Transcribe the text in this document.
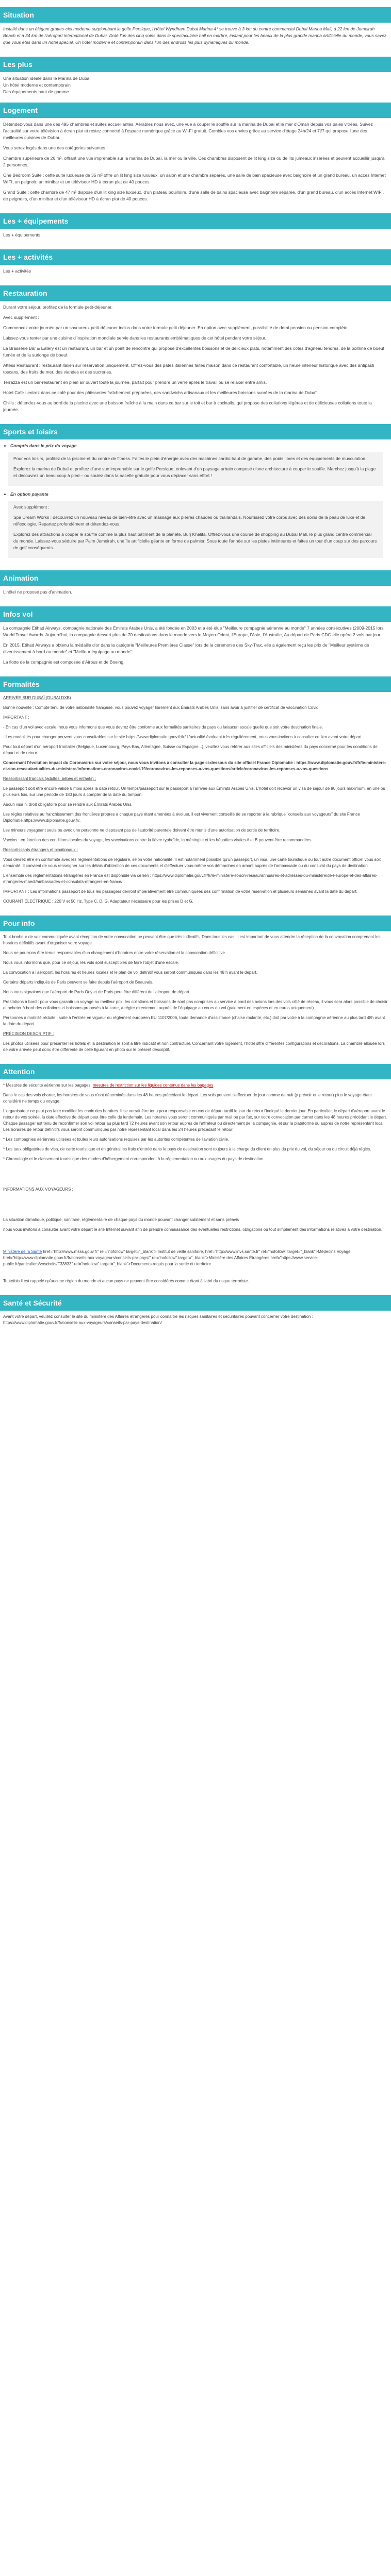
Situation

Installé dans un élégant grattes-ciel moderne surplombant le golfe Persique, l'Hôtel Wyndham Dubai Marina 4* se trouve à 3 km du centre commercial Dubai Marina Mall, à 22 km de Jumeirah Beach et à 34 km de l'aéroport international de Dubaï. Doté l'un des cinq soins dans le spectaculaire hall en marbre, instant pour les beaux de la plus grande marina artificielle du monde, vous savez que vous êtes dans un hôtel spécial. Un hôtel moderne et contemporain dans l'un des endroits les plus dynamiques du monde.

Les plus
Une situation idéale dans le Marina de Dubaï
Un hôtel moderne et contemporain
Des équipements haut de gamme
Logement

Détendez-vous dans une des 495 chambres et suites accueillantes. Aérables nous avez, une vue à couper le souffle sur la marina de Dubaï et le mer d'Oman depuis vos baies vitrées. Suivez l'actualité sur votre télévision à écran plat et restez connecté à l'espace numérique grâce au Wi-Fi gratuit. Combles vos envies grâce au service d'étage 24h/24 et 7j/7 qui propose l'une des meilleures cuisines de Dubaï.

Vous serez logés dans une des catégories suivantes :

Chambre supérieure de 26 m², offrant une vue imprenable sur la marina de Dubaï, la mer ou la ville. Ces chambres disposent de lit king size ou de lits jumeaux insérées et peuvent accueillir jusqu'à 2 personnes.

One Bedroom Suite : cette suite luxueuse de 35 m² offre un lit king size luxueux, un salon et une chambre séparés, une salle de bain spacieuse avec baignoire et un grand bureau, un accès Internet WIFI, un peignoir, un minibar et un téléviseur HD à écran plat de 40 pouces.

Grand Suite : cette chambre de 47 m² dispose d'un lit king size luxueux, d'un plateau bouilloire, d'une salle de bains spacieuse avec baignoire séparée, d'un grand bureau, d'un accès Internet WIFI, de peignoirs, d'un minibar et d'un téléviseur HD à écran plat de 40 pouces.

Les + équipements

Les + équipements

Les + activités

Les + activités

Restauration

Durant votre séjour, profitez de la formule petit-déjeuner.

Avec supplément :

Commencez votre journée par un savoureux petit-déjeuner inclus dans votre formule petit déjeuner. En option avec supplément, possibilité de demi-pension ou pension complète.

Laissez-vous tenter par une cuisine d'inspiration mondiale servie dans les restaurants emblématiques de cet hôtel pendant votre séjour.

La Brasserie Bar & Eatery est un restaurant, un bar et un point de rencontre qui propose d'excellentes boissons et de délicieux plats, notamment des côtes d'agneau tendres, de la poitrine de boeuf fumée et de la surlonge de boeuf.

Attess Restaurant : restaurant italien sur réservation uniquement. Offrez-vous des pâtes italiennes faites maison dans ce restaurant confortable, un heure intérieur historique avec des antipasti toscans, des fruits de mer, des viandes et des sucreries.

Terrazza est un bar-restaurant en plein air ouvert toute la journée, parfait pour prendre un verre après le travail ou se relaxer entre amis.

Hotel Cafe : entrez dans ce café pour des pâtisseries fraîchement préparées, des sandwichs artisanaux et les meilleures boissons sucrées de la marina de Dubaï.

Chills : détendez-vous au bord de la piscine avec une boisson fraîche à la main dans ce bar sur le toit et bar à cocktails, qui propose des collations légères et de délicieuses collations toute la journée.

Sports et loisirs
• Compris dans le prix du voyage

Pour vos loisirs, profitez de la piscine et du centre de fitness. Faites le plein d'énergie avec des machines cardio haut de gamme, des poids libres et des équipements de musculation.

Explorez la marina de Dubaï et profitez d'une vue imprenable sur le golfe Persique, enlevant d'un paysage urbain composé d'une architecture à couper le souffle. Marchez jusqu'à la plage et découvrez un beau coup à pied – ou soulez dans la nacelle gratuite pour vous déplacer sans effort !

• En option payante

Avec supplément :

Spa Dream Works : découvrez un nouveau niveau de bien-être avec un massage aux pierres chaudes ou thaïlandais. Nourrissez votre corps avec des soins de la peau de luxe et de réflexologie. Repartez profondément et détendez-vous.

Explorez des attractions à couper le souffle comme la plus haut bâtiment de la planète, Burj Khalifa. Offrez-vous une course de shopping au Dubaï Mall, le plus grand centre commercial du monde. Laissez-vous séduire par Palm Jumeirah, une île artificielle géante en forme de palmier. Sous toute l'année sur les pistes intérieures et faites un tour d'un coup sur des parcours de golf conséquents.

Animation

L'hôtel ne propose pas d'animation.

Infos vol

La compagnie Etihad Airways, compagnie nationale des Émirats Arabes Unis, a été fondée en 2003 et a été élue "Meilleure compagnie aérienne au monde" 7 années consécutives (2009-2015 lors World Travel Awards. Aujourd'hui, la compagnie dessert plus de 70 destinations dans le monde vers le Moyen-Orient, l'Europe, l'Asie, l'Australie, Au départ de Paris CDG elle opère 2 vols par jour.

En 2015, Etihad Airways a obtenu la médaille d'or dans la catégorie "Meilleures Premières Classe" lors de la cérémonie des Sky-Trax, elle a également reçu les prix de "Meilleur système de divertissement à bord au monde" et "Meilleur équipage au monde".

La flotte de la compagnie est composée d'Airbus et de Boeing.

Formalités

ARRIVÉE SUR DUBAÏ (DUBAI DXB)

Bonne nouvelle : Compte tenu de votre nationalité française, vous pouvez voyager librement aux Émirats Arabes Unis, sans avoir à justifier de certificat de vaccination Covid.

IMPORTANT :

- En cas d'un vol avec escale, nous vous informons que vous devrez être conforme aux formalités sanitaires du pays ou la/aucun escale quelle que soit votre destination finale.

- Les modalités pour changer peuvent vous consultables sur le site https://www.diplomatie.gouv.fr/fr/ L'actualité évoluant très régulièrement, nous vous invitons à consulter ce lien avant votre départ.

Pour tout départ d'un aéroport frontalier (Belgique, Luxembourg, Pays-Bas, Allemagne, Suisse ou Espagne...), veuillez vous référer aux sites officiels des ministères du pays concerné pour les conditions de départ et de retour.

Concernant l'évolution impact du Coronavirus sur votre séjour, nous vous invitons à consulter la page ci-dessous du site officiel France Diplomatie : https://www.diplomatie.gouv.fr/fr/le-ministere-et-son-reseau/actualites-du-ministere/informations-coronavirus-covid-19/coronavirus-les-reponses-a-vos-questions/article/coronavirus-les-reponses-a-vos-questions

Ressortissant français (adultes, bébés et enfants) :

Le passeport doit être encore valide 6 mois après la date retour. Un temps/passeport sur le passeport à l'arrivée aux Émirats Arabes Unis. L'hôtel doit recevoir un visa de séjour de 90 jours maximum, en une ou plusieurs fois, sur une période de 180 jours à compter de la date du tampon.

Aucun visa ni droit obligatoire pour se rendre aux Émirats Arabes Unis.

Les règles relatives au franchissement des frontières propres à chaque pays étant amenées à évoluer, il est vivement conseillé de se reporter à la rubrique "conseils aux voyageurs" du site France Diplomatie,https://www.diplomatie.gouv.fr/.

Les mineurs voyageant seuls ou avec une personne ne disposant pas de l'autorité parentale doivent être munis d'une autorisation de sortie de territoire.

Vaccins : en fonction des conditions locales du voyage, les vaccinations contre la fièvre typhoïde, la méningite et les hépatites virales A et B peuvent être recommandées.

Ressortissants étrangers et binationaux :

Vous devrez être en conformité avec les réglementations de régulaire, selon votre nationalité. Il est notamment possible qu'un passeport, un visa, une carte touristique ou tout autre document officiel vous soit demandé. Il convient de vous renseigner sur les délais d'obtention de ces documents et d'effectuer vous-même vos démarches en amont auprès de l'ambassade ou du consulat du pays de destination.

L'ensemble des réglementations étrangères en France est disponible via ce lien : https://www.diplomatie.gouv.fr/fr/le-ministere-et-son-reseau/annuaires-et-adresses-du-ministere/de-l-europe-et-des-affaires-etrangeres-maedi/ambassades-et-consulats-etrangers-en-france/

IMPORTANT : Les informations passeport de tous les passagers devront impérativement être communiquées dès confirmation de votre réservation et plusieurs semaines avant la date du départ.

COURANT ÉLECTRIQUE : 220 V et 50 Hz. Type C, D, G. Adaptateur nécessaire pour les prises D et G.

Pour info

Tout bonheur de voir communiquée avant réception de votre convocation ne peuvent être que très indicatifs, Dans tous les cas, il est important de vous attendre la réception de la convocation comprenant les horaires définitifs avant d'organiser votre voyage.

Nous ne pourrons être tenus responsables d'un changement d'horaires entre votre réservation et la convocation définitive.

Nous vous informons que, pour ce séjour, les vols sont susceptibles de faire l'objet d'une escale.

La convocation à l'aéroport, les horaires et heures locales et le plan de vol définitif vous seront communiqués dans les 48 h avant le départ.

Certains départs indiqués de Paris peuvent se faire depuis l'aéroport de Beauvais.

Nous vous signalons que l'aéroport de Paris Orly et de Paris peut être différent de l'aéroport de départ.

Prestations à bord : pour vous garantir un voyage au meilleur prix, les collations et boissons de sont pas comprises au service à bord des avions lors des vols côté de réseau, il vous sera alors possible de choisir et acheter à bord des collations et boissons proposés à la carte, à régler directement auprès de l'équipage au cours du vol (paiement en espèces et en euros uniquement).

Personnes à mobilité réduite : suite à l'entrée en vigueur du règlement européen EU 1107/2006, toute demande d'assistance (chaise roulante, etc.) doit par votre à la compagnie aérienne au plus tard 48h avant la date du départ.

PRÉCISION DESCRIPTIF :

Les photos utilisées pour présenter les hôtels et la destination le sont à titre indicatif et non contractuel. Concernant votre logement, l'hôtel offre différentes configurations et décorations. La chambre allouée lors de votre arrivée peut donc être différente de celle figurant en photo sur le présent descriptif.

Attention

* Mesures de sécurité aérienne sur les bagages: mesures de restriction sur les liquides contenus dans les bagages

Dans le cas des vols charter, les horaires de vous n'ont déterminés dans les 48 heures précédant le départ. Les vols peuvent s'effectuer de jour comme de nuit (y prévoir et le retour) plus le voyage étant considéré ne temps du voyage.

L'organisateur ne peut pas faire modifier les choix des horaires. Il se verrait être tenu pour responsable en cas de départ tardif le jour du retour l'indiqué le dernier jour. En particulier, le départ d'aéroport avant le retour de vos soirée, la date effective de départ peut être celle du lendemain. Les horaires vous seront communiqués par mail ou par fax, sur votre convocation par carnet dans les 48 heures précédant le départ. Chaque passager est tenu de reconfirmer son vol retour au plus tard 72 heures avant son retour auprès de l'affréteur ou directement de la compagnie, et sur la plateforme ou auprès de notre représentant local. Les horaires de retour définitifs vous seront communiqués par notre représentant local dans les 24 heures précédant le retour.

* Les compagnies aériennes utilisées et toutes leurs autorisations requises par les autorités compétentes de l'aviation civile.

* Les taux obligatoires de visa, de carte touristique et en général les frais d'entrée dans le pays de destination sont toujours à la charge du client en plus du prix du vol, du séjour ou du circuit déjà réglés.

* Chronologie et le classement touristique des modes d'hébergement correspondent à la réglementation ou aux usages du pays de destination.

INFORMATIONS AUX VOYAGEURS :

La situation climatique, politique, sanitaire, réglementaire de chaque pays du monde pouvant changer subitement et sans préavis

nous vous invitons à consulter avant votre départ le site Internet suivant afin de prendre connaissance des éventuelles restrictions, obligations ou tout simplement des informations relatives à votre destination.

Ministère de la Santé href="http://www.msss.gouv.fr" rel="nofollow" target="_blank"> Institut de veille sanitaire, href="http://www.invs.sante.fr" rel="nofollow" target="_blank">Médecins Voyage href="http://www.diplomatie.gouv.fr/fr/conseils-aux-voyageurs/conseils-par-pays/" rel="nofollow" target="_blank">Ministère des Affaires Étrangères href="https://www.service-public.fr/particuliers/vosdroits/F33833" rel="nofollow" target="_blank">Documents requis pour la sortie du territoire.

Toutefois il est rappelé qu'aucune région du monde et aucun pays ne peuvent être considérés comme étant à l'abri du risque terroriste.

Santé et Sécurité

Avant votre départ, veuillez consulter le site du ministère des Affaires étrangères pour connaître les risques sanitaires et sécuritaires pouvant concerner votre destination : https://www.diplomatie.gouv.fr/fr/conseils-aux-voyageurs/conseils-par-pays-destination/
